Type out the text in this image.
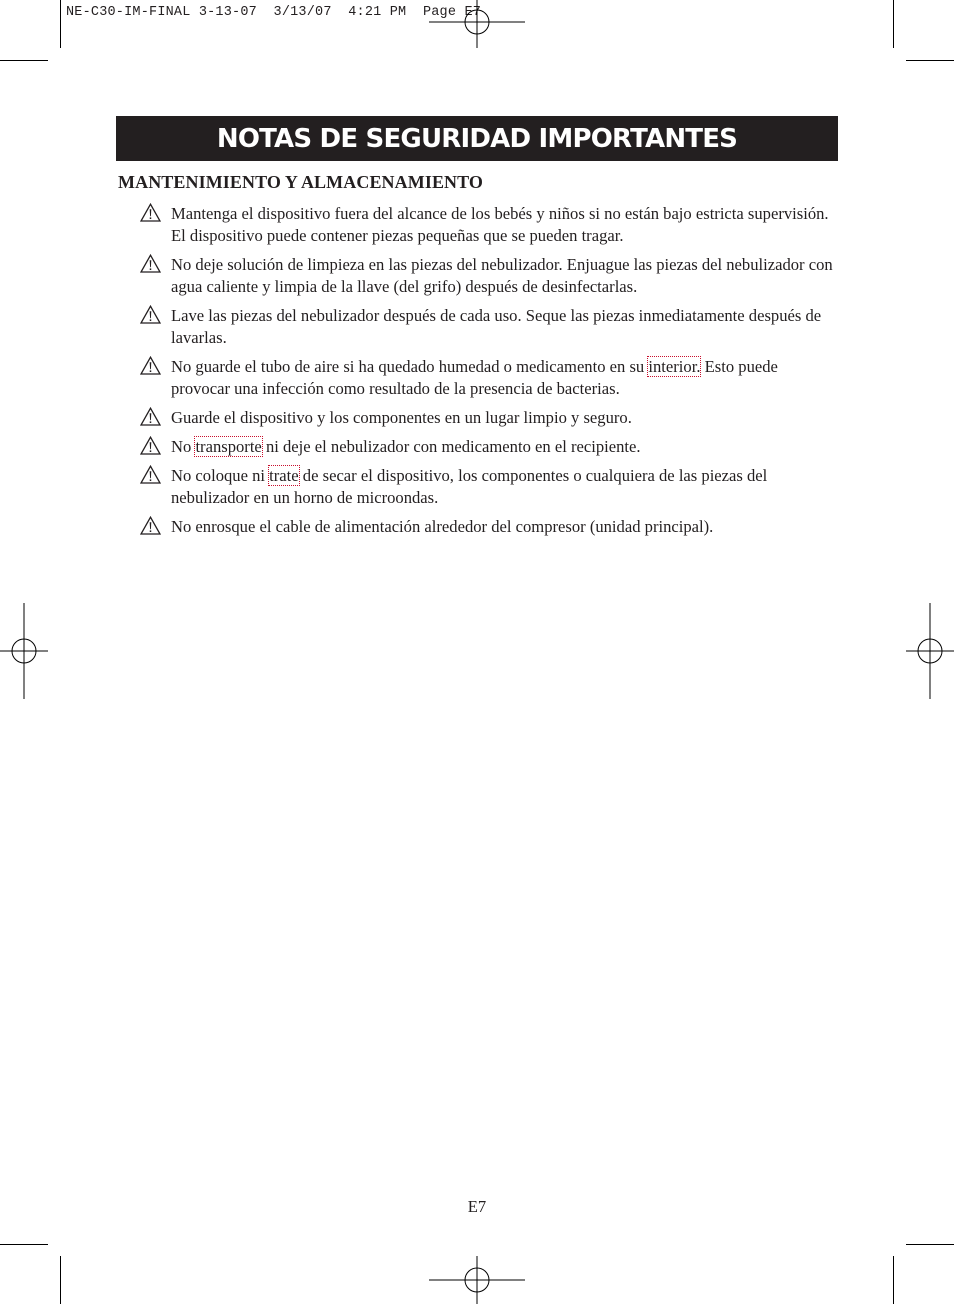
NE-C30-IM-FINAL 3-13-07  3/13/07  4:21 PM  Page E7
NOTAS DE SEGURIDAD IMPORTANTES
MANTENIMIENTO Y ALMACENAMIENTO
Mantenga el dispositivo fuera del alcance de los bebés y niños si no están bajo estricta supervisión. El dispositivo puede contener piezas pequeñas que se pueden tragar.
No deje solución de limpieza en las piezas del nebulizador. Enjuague las piezas del nebulizador con agua caliente y limpia de la llave (del grifo) después de desinfectarlas.
Lave las piezas del nebulizador después de cada uso. Seque las piezas inmediatamente después de lavarlas.
No guarde el tubo de aire si ha quedado humedad o medicamento en su interior. Esto puede provocar una infección como resultado de la presencia de bacterias.
Guarde el dispositivo y los componentes en un lugar limpio y seguro.
No transporte ni deje el nebulizador con medicamento en el recipiente.
No coloque ni trate de secar el dispositivo, los componentes o cualquiera de las piezas del nebulizador en un horno de microondas.
No enrosque el cable de alimentación alrededor del compresor (unidad principal).
E7
